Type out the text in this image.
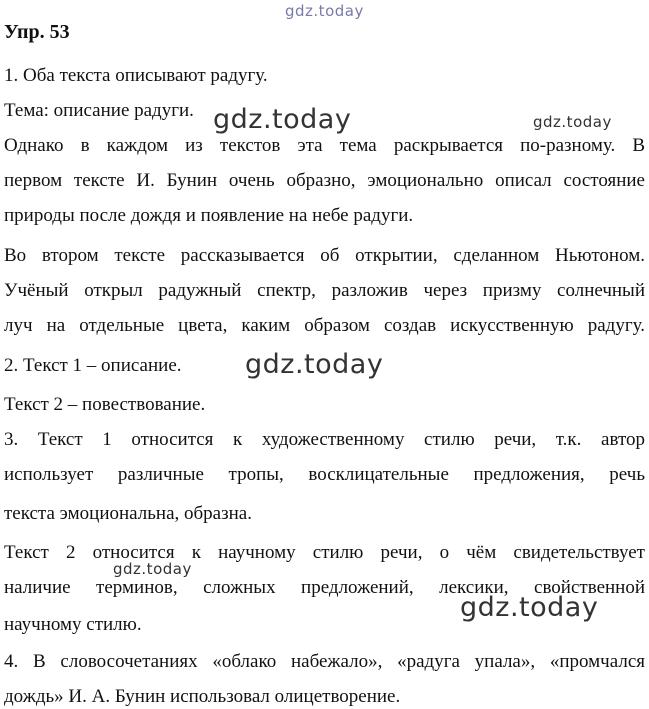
gdz.today
Упр. 53
1. Оба текста описывают радугу.
Тема: описание радуги.
Однако в каждом из текстов эта тема раскрывается по-разному. В
первом тексте И. Бунин очень образно, эмоционально описал состояние
природы после дождя и появление на небе радуги.
Во втором тексте рассказывается об открытии, сделанном Ньютоном.
Учёный открыл радужный спектр, разложив через призму солнечный
луч на отдельные цвета, каким образом создав искусственную радугу.
2. Текст 1 – описание.
Текст 2 – повествование.
3. Текст 1 относится к художественному стилю речи, т.к. автор
использует различные тропы, восклицательные предложения, речь
текста эмоциональна, образна.
Текст 2 относится к научному стилю речи, о чём свидетельствует
наличие терминов, сложных предложений, лексики, свойственной
научному стилю.
4. В словосочетаниях «облако набежало», «радуга упала», «промчался
дождь» И. А. Бунин использовал олицетворение.
gdz.today	gdz.today
gdz.today
gdz.today
gdz.today
